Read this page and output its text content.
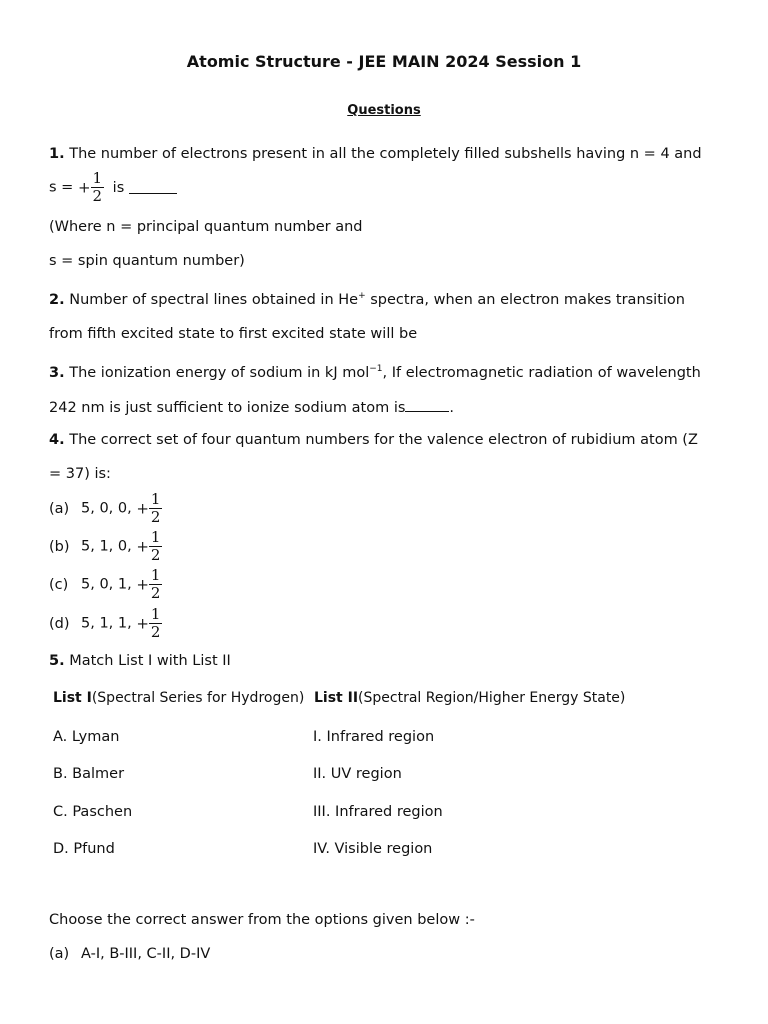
Atomic Structure - JEE MAIN 2024 Session 1
Questions
1. The number of electrons present in all the completely filled subshells having n = 4 and
s = + $\frac{1}{2}$ is
(Where n = principal quantum number and
s = spin quantum number)
2. Number of spectral lines obtained in He+ spectra, when an electron makes transition
from fifth excited state to first excited state will be
3. The ionization energy of sodium in kJ mol$^{-1}$, If electromagnetic radiation of wavelength
242 nm is just sufficient to ionize sodium atom is	.
4. The correct set of four quantum numbers for the valence electron of rubidium atom (Z
= 37) is:
(a) 5, 0, 0, + $\frac{1}{2}$
(b) 5, 1, 0, + $\frac{1}{2}$
(c) 5, 0, 1, + $\frac{1}{2}$
(d) 5, 1, 1, + $\frac{1}{2}$
5. Match List I with List II
List I(Spectral Series for Hydrogen) List II(Spectral Region/Higher Energy State)
A. Lyman	I. Infrared region
B. Balmer	II. UV region
C. Paschen	III. Infrared region
D. Pfund	IV. Visible region
Choose the correct answer from the options given below :-
(a) A-I, B-III, C-II, D-IV
